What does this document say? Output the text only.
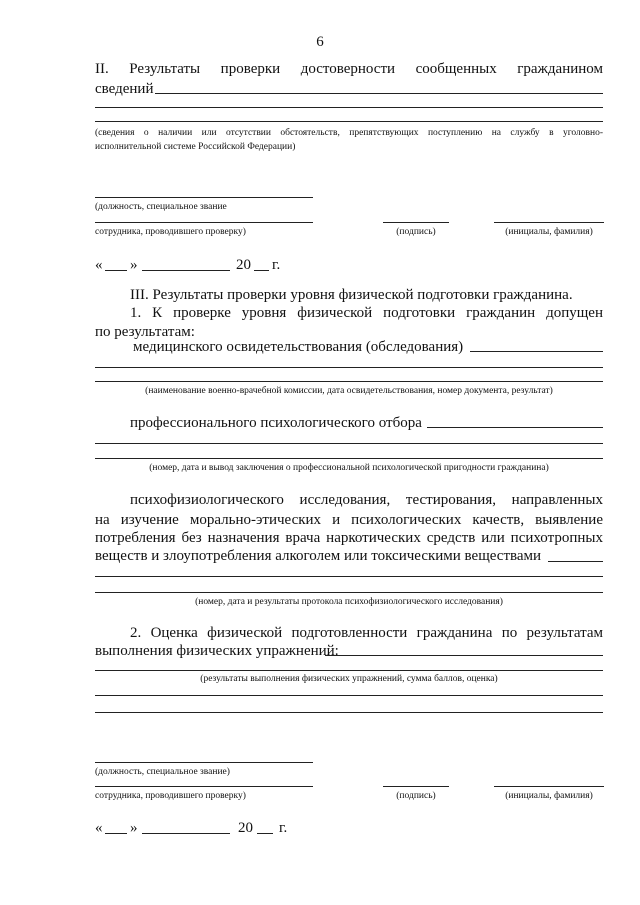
6
II. Результаты проверки достоверности сообщенных гражданином
сведений
(сведения о наличии или отсутствии обстоятельств, препятствующих поступлению на службу в уголовно-
исполнительной системе Российской Федерации)
(должность, специальное звание
сотрудника, проводившего проверку)	(подпись)	(инициалы, фамилия)
« »	20 г.
III. Результаты проверки уровня физической подготовки гражданина.
1. К проверке уровня физической подготовки гражданин допущен
по результатам:
медицинского освидетельствования (обследования)
(наименование военно-врачебной комиссии, дата освидетельствования, номер документа, результат)
профессионального психологического отбора
(номер, дата и вывод заключения о профессиональной психологической пригодности гражданина)
психофизиологического исследования, тестирования, направленных
на изучение морально-этических и психологических качеств, выявление
потребления без назначения врача наркотических средств или психотропных
веществ и злоупотребления алкоголем или токсическими веществами
(номер, дата и результаты протокола психофизиологического исследования)
2. Оценка физической подготовленности гражданина по результатам
выполнения физических упражнений:
(результаты выполнения физических упражнений, сумма баллов, оценка)
(должность, специальное звание)
сотрудника, проводившего проверку)	(подпись)	(инициалы, фамилия)
« »	20 г.
